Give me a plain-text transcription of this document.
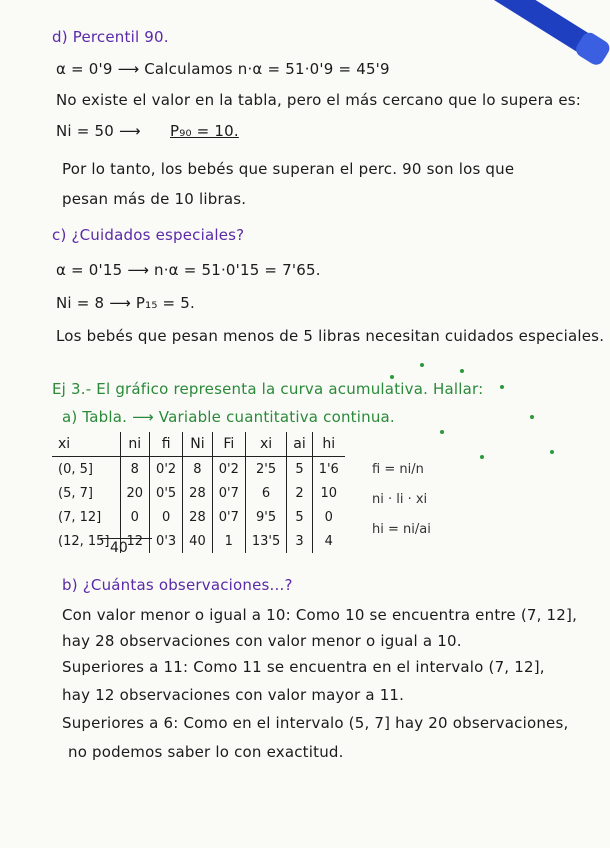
d) Percentil 90.
α = 0'9 ⟶ Calculamos n·α = 51·0'9 = 45'9
No existe el valor en la tabla, pero el más cercano que lo supera es:
Ni = 50 ⟶ P₉₀ = 10.
Por lo tanto, los bebés que superan el perc. 90 son los que
pesan más de 10 libras.
c) ¿Cuidados especiales?
α = 0'15 ⟶ n·α = 51·0'15 = 7'65.
Ni = 8 ⟶ P₁₅ = 5.
Los bebés que pesan menos de 5 libras necesitan cuidados especiales.
Ej 3.- El gráfico representa la curva acumulativa. Hallar:
a) Tabla. ⟶ Variable cuantitativa continua.
xi	ni	fi	Ni	Fi	xi	ai	hi
(0, 5]	8	0'2	8	0'2	2'5	5	1'6
(5, 7]	20	0'5	28	0'7	6	2	10
(7, 12]	0	0	28	0'7	9'5	5	0
(12, 15]	12	0'3	40	1	13'5	3	4
40
fi = ni/n
ni · li · xi
hi = ni/ai
b) ¿Cuántas observaciones...?
Con valor menor o igual a 10: Como 10 se encuentra entre (7, 12],
hay 28 observaciones con valor menor o igual a 10.
Superiores a 11: Como 11 se encuentra en el intervalo (7, 12],
hay 12 observaciones con valor mayor a 11.
Superiores a 6: Como en el intervalo (5, 7] hay 20 observaciones,
no podemos saber lo con exactitud.
